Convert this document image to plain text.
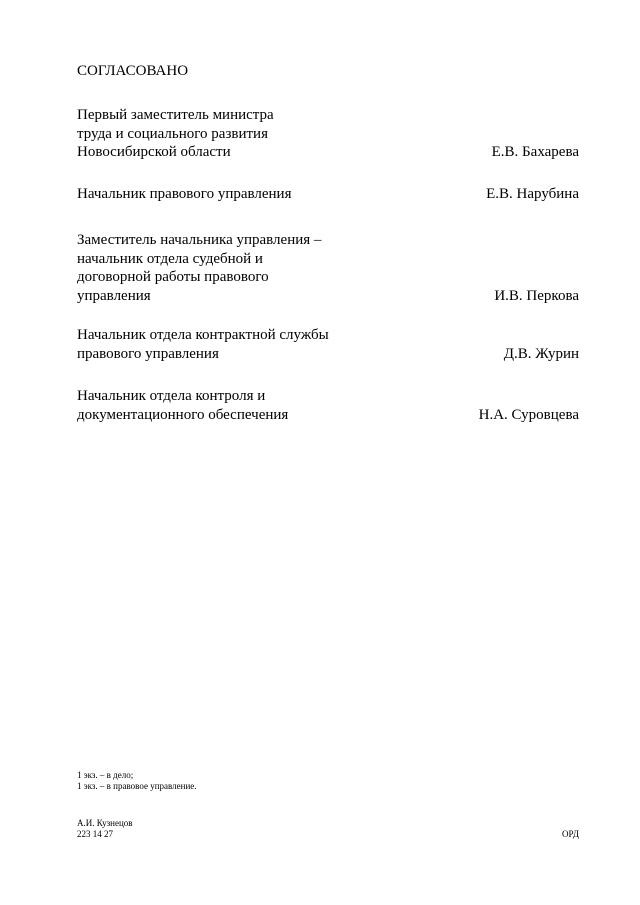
СОГЛАСОВАНО
Первый заместитель министра
труда и социального развития
Новосибирской области	Е.В. Бахарева
Начальник правового управления	Е.В. Нарубина
Заместитель начальника управления –
начальник отдела судебной и
договорной работы правового
управления	И.В. Перкова
Начальник отдела контрактной службы
правового управления	Д.В. Журин
Начальник отдела контроля и
документационного обеспечения	Н.А. Суровцева
1 экз. – в дело;
1 экз. – в правовое управление.
А.И. Кузнецов
223 14 27	ОРД
